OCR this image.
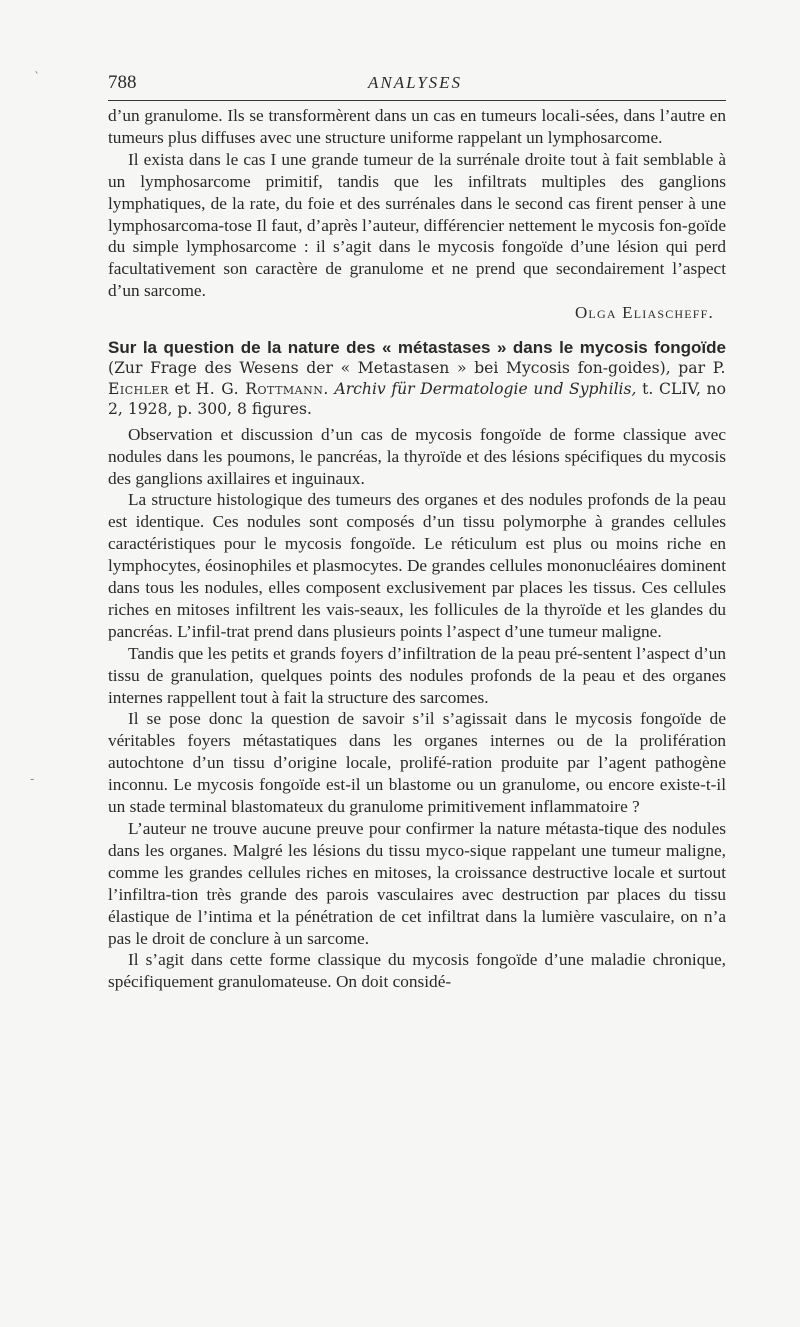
`
-
788	ANALYSES

d’un granulome. Ils se transformèrent dans un cas en tumeurs locali-sées, dans l’autre en tumeurs plus diffuses avec une structure uniforme rappelant un lymphosarcome.

Il exista dans le cas I une grande tumeur de la surrénale droite tout à fait semblable à un lymphosarcome primitif, tandis que les infiltrats multiples des ganglions lymphatiques, de la rate, du foie et des surrénales dans le second cas firent penser à une lymphosarcoma-tose Il faut, d’après l’auteur, différencier nettement le mycosis fon-goïde du simple lymphosarcome : il s’agit dans le mycosis fongoïde d’une lésion qui perd facultativement son caractère de granulome et ne prend que secondairement l’aspect d’un sarcome.

Olga Eliascheff.

Sur la question de la nature des « métastases » dans le mycosis fongoïde (Zur Frage des Wesens der « Metastasen » bei Mycosis fon-goides), par P. Eichler et H. G. Rottmann. Archiv für Dermatologie und Syphilis, t. CLIV, no 2, 1928, p. 300, 8 figures.

Observation et discussion d’un cas de mycosis fongoïde de forme classique avec nodules dans les poumons, le pancréas, la thyroïde et des lésions spécifiques du mycosis des ganglions axillaires et inguinaux.

La structure histologique des tumeurs des organes et des nodules profonds de la peau est identique. Ces nodules sont composés d’un tissu polymorphe à grandes cellules caractéristiques pour le mycosis fongoïde. Le réticulum est plus ou moins riche en lymphocytes, éosinophiles et plasmocytes. De grandes cellules mononucléaires dominent dans tous les nodules, elles composent exclusivement par places les tissus. Ces cellules riches en mitoses infiltrent les vais-seaux, les follicules de la thyroïde et les glandes du pancréas. L’infil-trat prend dans plusieurs points l’aspect d’une tumeur maligne.

Tandis que les petits et grands foyers d’infiltration de la peau pré-sentent l’aspect d’un tissu de granulation, quelques points des nodules profonds de la peau et des organes internes rappellent tout à fait la structure des sarcomes.

Il se pose donc la question de savoir s’il s’agissait dans le mycosis fongoïde de véritables foyers métastatiques dans les organes internes ou de la prolifération autochtone d’un tissu d’origine locale, prolifé-ration produite par l’agent pathogène inconnu. Le mycosis fongoïde est-il un blastome ou un granulome, ou encore existe-t-il un stade terminal blastomateux du granulome primitivement inflammatoire ?

L’auteur ne trouve aucune preuve pour confirmer la nature métasta-tique des nodules dans les organes. Malgré les lésions du tissu myco-sique rappelant une tumeur maligne, comme les grandes cellules riches en mitoses, la croissance destructive locale et surtout l’infiltra-tion très grande des parois vasculaires avec destruction par places du tissu élastique de l’intima et la pénétration de cet infiltrat dans la lumière vasculaire, on n’a pas le droit de conclure à un sarcome.

Il s’agit dans cette forme classique du mycosis fongoïde d’une maladie chronique, spécifiquement granulomateuse. On doit considé-
